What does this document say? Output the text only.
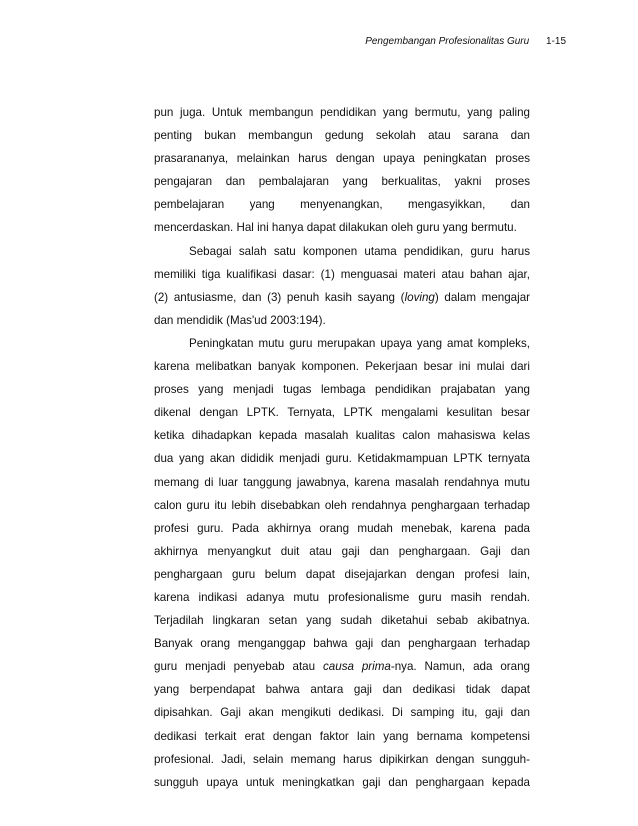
Pengembangan Profesionalitas Guru 1-15

pun juga. Untuk membangun pendidikan yang bermutu, yang paling
penting bukan membangun gedung sekolah atau sarana dan
prasarananya, melainkan harus dengan upaya peningkatan proses
pengajaran dan pembalajaran yang berkualitas, yakni proses
pembelajaran yang menyenangkan, mengasyikkan, dan
mencerdaskan. Hal ini hanya dapat dilakukan oleh guru yang bermutu.

Sebagai salah satu komponen utama pendidikan, guru harus
memiliki tiga kualifikasi dasar: (1) menguasai materi atau bahan ajar,
(2) antusiasme, dan (3) penuh kasih sayang (loving) dalam mengajar
dan mendidik (Mas'ud 2003:194).

Peningkatan mutu guru merupakan upaya yang amat kompleks,
karena melibatkan banyak komponen. Pekerjaan besar ini mulai dari
proses yang menjadi tugas lembaga pendidikan prajabatan yang
dikenal dengan LPTK. Ternyata, LPTK mengalami kesulitan besar
ketika dihadapkan kepada masalah kualitas calon mahasiswa kelas
dua yang akan dididik menjadi guru. Ketidakmampuan LPTK ternyata
memang di luar tanggung jawabnya, karena masalah rendahnya mutu
calon guru itu lebih disebabkan oleh rendahnya penghargaan terhadap
profesi guru. Pada akhirnya orang mudah menebak, karena pada
akhirnya menyangkut duit atau gaji dan penghargaan. Gaji dan
penghargaan guru belum dapat disejajarkan dengan profesi lain,
karena indikasi adanya mutu profesionalisme guru masih rendah.
Terjadilah lingkaran setan yang sudah diketahui sebab akibatnya.
Banyak orang menganggap bahwa gaji dan penghargaan terhadap
guru menjadi penyebab atau causa prima-nya. Namun, ada orang
yang berpendapat bahwa antara gaji dan dedikasi tidak dapat
dipisahkan. Gaji akan mengikuti dedikasi. Di samping itu, gaji dan
dedikasi terkait erat dengan faktor lain yang bernama kompetensi
profesional. Jadi, selain memang harus dipikirkan dengan sungguh-
sungguh upaya untuk meningkatkan gaji dan penghargaan kepada
